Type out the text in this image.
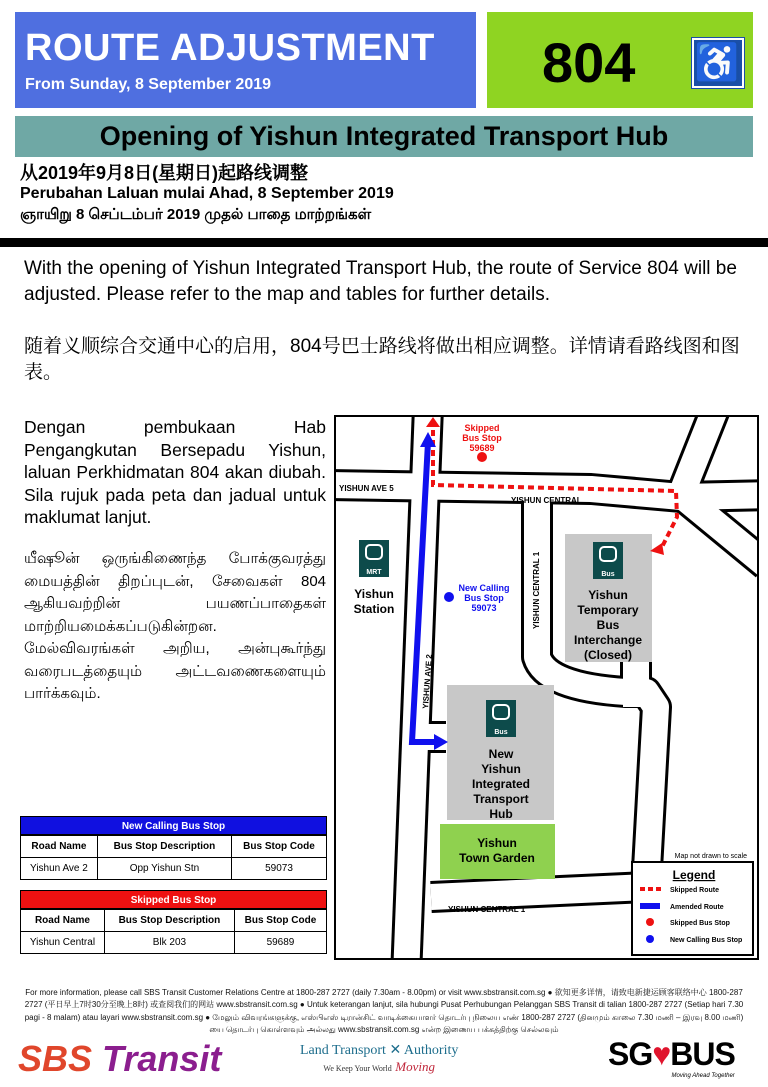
ROUTE ADJUSTMENT
From Sunday, 8 September 2019	804 ♿
Opening of Yishun Integrated Transport Hub
从2019年9月8日(星期日)起路线调整
Perubahan Laluan mulai Ahad, 8 September 2019
ஞாயிறு 8 செப்டம்பர் 2019 முதல் பாதை மாற்றங்கள்
With the opening of Yishun Integrated Transport Hub, the route of Service 804 will be adjusted. Please refer to the map and tables for further details.
随着义顺综合交通中心的启用，804号巴士路线将做出相应调整。详情请看路线图和图表。
Dengan pembukaan Hab Pengangkutan Bersepadu Yishun, laluan Perkhidmatan 804 akan diubah. Sila rujuk pada peta dan jadual untuk maklumat lanjut.
யீஷூன் ஒருங்கிணைந்த போக்குவரத்து மையத்தின் திறப்புடன், சேவைகள் 804 ஆகியவற்றின் பயணப்பாதைகள் மாற்றியமைக்கப்படுகின்றன. மேல்விவரங்கள் அறிய, அன்புகூர்ந்து வரைபடத்தையும் அட்டவணைகளையும் பார்க்கவும்.
New Calling Bus Stop
Road Name	Bus Stop Description	Bus Stop Code
Yishun Ave 2	Opp Yishun Stn	59073
Skipped Bus Stop
Road Name	Bus Stop Description	Bus Stop Code
Yishun Central	Blk 203	59689
YISHUN AVE 5
YISHUN CENTRAL
YISHUN CENTRAL 1
YISHUN AVE 2
YISHUN CENTRAL 1
MRT
Yishun Station
Bus
Yishun Temporary Bus Interchange (Closed)
Bus
New Yishun Integrated Transport Hub
Yishun Town Garden
Skipped Bus Stop 59689
New Calling Bus Stop 59073
Map not drawn to scale
Legend
Skipped Route
Amended Route
Skipped Bus Stop
New Calling Bus Stop
For more information, please call SBS Transit Customer Relations Centre at 1800-287 2727 (daily 7.30am - 8.00pm) or visit www.sbstransit.com.sg ● 欲知更多详情，请致电新捷运顾客联络中心 1800-287 2727 (平日早上7时30分至晚上8时) 或查阅我们的网站 www.sbstransit.com.sg ● Untuk keterangan lanjut, sila hubungi Pusat Perhubungan Pelanggan SBS Transit di talian 1800-287 2727 (Setiap hari 7.30 pagi - 8 malam) atau layari www.sbstransit.com.sg ● மேலும் விவரங்களுக்கு, எஸ்பிஎஸ் டிரான்சிட் வாடிக்கையாளர் தொடர்பு நிலைய எண் 1800-287 2727 (தினமும் காலை 7.30 மணி – இரவு 8.00 மணி) யை தொடர்பு கொள்ளவும் அல்லது www.sbstransit.com.sg என்ற இணைய பக்கத்திற்கு செல்லவும்
SBS Transit	Land Transport ✕ Authority
We Keep Your World Moving	SG♥BUS
Moving Ahead Together
